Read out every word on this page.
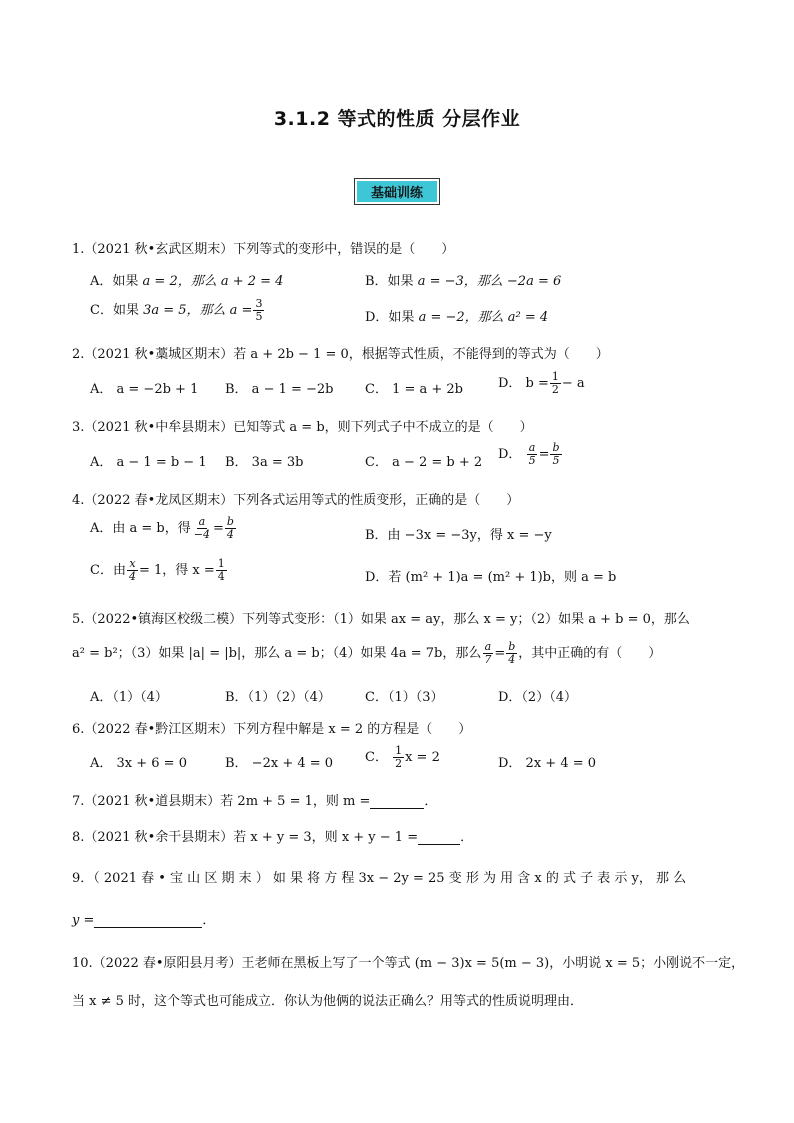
3.1.2 等式的性质 分层作业
基础训练
1.（2021 秋•玄武区期末）下列等式的变形中，错误的是（　　）
A．如果 a = 2，那么 a + 2 = 4	B．如果 a = −3，那么 −2a = 6
C．如果 3a = 5，那么 $a = \frac{3}{5}$	D．如果 a = −2，那么 a² = 4
2.（2021 秋•藁城区期末）若 a + 2b − 1 = 0，根据等式性质，不能得到的等式为（　　）
A． a = −2b + 1 B． a − 1 = −2b C． 1 = a + 2b	D． $b = \frac{1}{2} - a$
3.（2021 秋•中牟县期末）已知等式 a = b，则下列式子中不成立的是（　　）
A． a − 1 = b − 1 B． 3a = 3b	C． a − 2 = b + 2
D． $\frac{a}{5} = \frac{b}{5}$
4.（2022 春•龙凤区期末）下列各式运用等式的性质变形，正确的是（　　）
A．由 a = b，得 $\frac{a}{-4} = \frac{b}{4}$	B．由 −3x = −3y，得 x = −y
C．由 $\frac{x}{4} = 1$，得 $x = \frac{1}{4}$	D．若 (m² + 1)a = (m² + 1)b，则 a = b
5.（2022•镇海区校级二模）下列等式变形：（1）如果 ax = ay，那么 x = y；（2）如果 a + b = 0，那么
a² = b²；（3）如果 |a| = |b|，那么 a = b；（4）如果 4a = 7b，那么 $\frac{a}{7} = \frac{b}{4}$ ，其中正确的有（　　）
A．（1）（4）	B．（1）（2）（4）	C．（1）（3）	D．（2）（4）
6.（2022 春•黔江区期末）下列方程中解是 x = 2 的方程是（　　）
A． 3x + 6 = 0	B． −2x + 4 = 0 C． $\frac{1}{2}$ x = 2	D． 2x + 4 = 0
7.（2021 秋•道县期末）若 2m + 5 = 1，则 m =	．
8.（2021 秋•余干县期末）若 x + y = 3，则 x + y − 1 =	．
9．（ 2021 春 • 宝 山 区 期 末 ） 如 果 将 方 程 3x − 2y = 25 变 形 为 用 含 x 的 式 子 表 示 y， 那 么
y =	．
10.（2022 春•原阳县月考）王老师在黑板上写了一个等式 (m − 3)x = 5(m − 3)，小明说 x = 5；小刚说不一定，
当 x ≠ 5 时，这个等式也可能成立．你认为他俩的说法正确么？用等式的性质说明理由．
